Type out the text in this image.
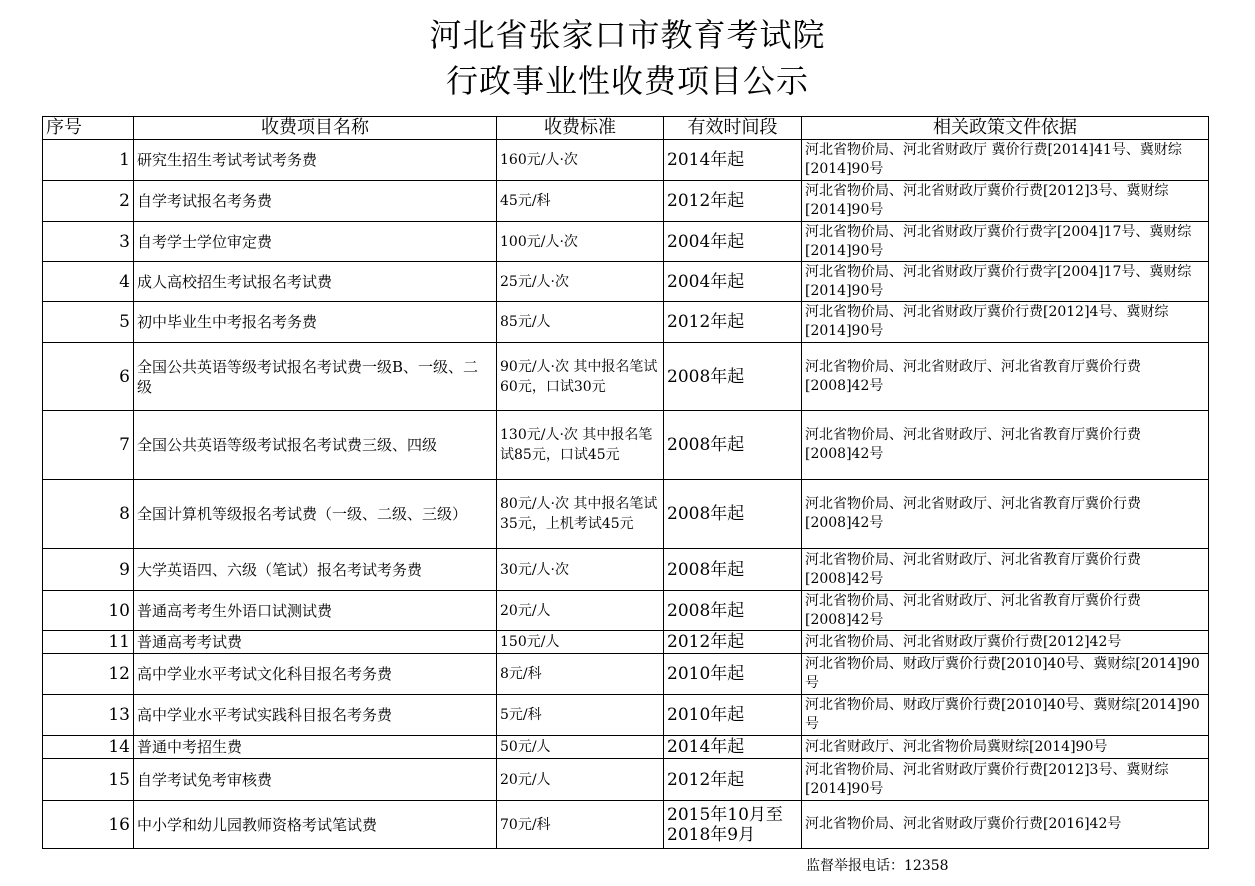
河北省张家口市教育考试院
行政事业性收费项目公示
序号	收费项目名称	收费标准	有效时间段	相关政策文件依据
1	研究生招生考试考试考务费	160元/人·次	2014年起	河北省物价局、河北省财政厅 冀价行费[2014]41号、冀财综[2014]90号
2	自学考试报名考务费	45元/科	2012年起	河北省物价局、河北省财政厅冀价行费[2012]3号、冀财综[2014]90号
3	自考学士学位审定费	100元/人·次	2004年起	河北省物价局、河北省财政厅冀价行费字[2004]17号、冀财综[2014]90号
4	成人高校招生考试报名考试费	25元/人·次	2004年起	河北省物价局、河北省财政厅冀价行费字[2004]17号、冀财综[2014]90号
5	初中毕业生中考报名考务费	85元/人	2012年起	河北省物价局、河北省财政厅冀价行费[2012]4号、冀财综[2014]90号
6	全国公共英语等级考试报名考试费一级B、一级、二级	90元/人·次 其中报名笔试60元，口试30元	2008年起	河北省物价局、河北省财政厅、河北省教育厅冀价行费[2008]42号
7	全国公共英语等级考试报名考试费三级、四级	130元/人·次 其中报名笔试85元，口试45元	2008年起	河北省物价局、河北省财政厅、河北省教育厅冀价行费[2008]42号
8	全国计算机等级报名考试费（一级、二级、三级）	80元/人·次 其中报名笔试35元，上机考试45元	2008年起	河北省物价局、河北省财政厅、河北省教育厅冀价行费[2008]42号
9	大学英语四、六级（笔试）报名考试考务费	30元/人·次	2008年起	河北省物价局、河北省财政厅、河北省教育厅冀价行费[2008]42号
10	普通高考考生外语口试测试费	20元/人	2008年起	河北省物价局、河北省财政厅、河北省教育厅冀价行费[2008]42号
11	普通高考考试费	150元/人	2012年起	河北省物价局、河北省财政厅冀价行费[2012]42号
12	高中学业水平考试文化科目报名考务费	8元/科	2010年起	河北省物价局、财政厅冀价行费[2010]40号、冀财综[2014]90号
13	高中学业水平考试实践科目报名考务费	5元/科	2010年起	河北省物价局、财政厅冀价行费[2010]40号、冀财综[2014]90号
14	普通中考招生费	50元/人	2014年起	河北省财政厅、河北省物价局冀财综[2014]90号
15	自学考试免考审核费	20元/人	2012年起	河北省物价局、河北省财政厅冀价行费[2012]3号、冀财综[2014]90号
16	中小学和幼儿园教师资格考试笔试费	70元/科	2015年10月至2018年9月	河北省物价局、河北省财政厅冀价行费[2016]42号
监督举报电话：12358
